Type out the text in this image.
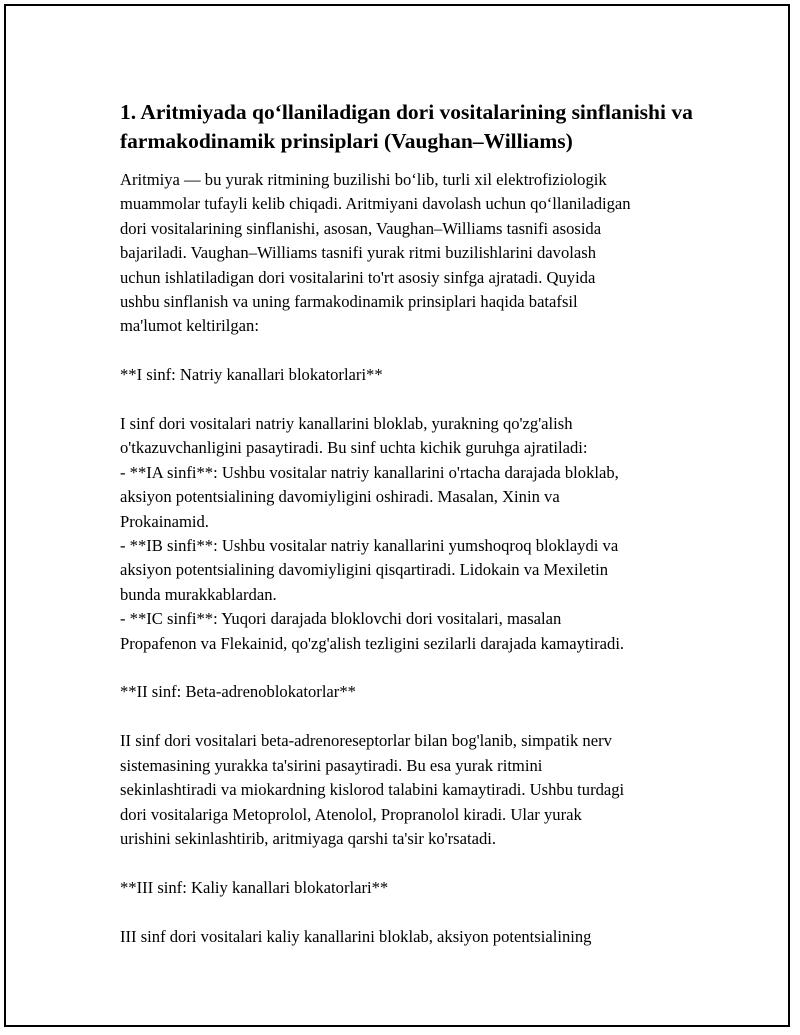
1. Aritmiyada qo‘llaniladigan dori vositalarining sinflanishi va
farmakodinamik prinsiplari (Vaughan–Williams)
Aritmiya — bu yurak ritmining buzilishi bo‘lib, turli xil elektrofiziologik
muammolar tufayli kelib chiqadi. Aritmiyani davolash uchun qo‘llaniladigan
dori vositalarining sinflanishi, asosan, Vaughan–Williams tasnifi asosida
bajariladi. Vaughan–Williams tasnifi yurak ritmi buzilishlarini davolash
uchun ishlatiladigan dori vositalarini to'rt asosiy sinfga ajratadi. Quyida
ushbu sinflanish va uning farmakodinamik prinsiplari haqida batafsil
ma'lumot keltirilgan:
**I sinf: Natriy kanallari blokatorlari**
I sinf dori vositalari natriy kanallarini bloklab, yurakning qo'zg'alish
o'tkazuvchanligini pasaytiradi. Bu sinf uchta kichik guruhga ajratiladi:
- **IA sinfi**: Ushbu vositalar natriy kanallarini o'rtacha darajada bloklab,
aksiyon potentsialining davomiyligini oshiradi. Masalan, Xinin va
Prokainamid.
- **IB sinfi**: Ushbu vositalar natriy kanallarini yumshoqroq bloklaydi va
aksiyon potentsialining davomiyligini qisqartiradi. Lidokain va Mexiletin
bunda murakkablardan.
- **IC sinfi**: Yuqori darajada bloklovchi dori vositalari, masalan
Propafenon va Flekainid, qo'zg'alish tezligini sezilarli darajada kamaytiradi.
**II sinf: Beta-adrenoblokatorlar**
II sinf dori vositalari beta-adrenoreseptorlar bilan bog'lanib, simpatik nerv
sistemasining yurakka ta'sirini pasaytiradi. Bu esa yurak ritmini
sekinlashtiradi va miokardning kislorod talabini kamaytiradi. Ushbu turdagi
dori vositalariga Metoprolol, Atenolol, Propranolol kiradi. Ular yurak
urishini sekinlashtirib, aritmiyaga qarshi ta'sir ko'rsatadi.
**III sinf: Kaliy kanallari blokatorlari**
III sinf dori vositalari kaliy kanallarini bloklab, aksiyon potentsialining
